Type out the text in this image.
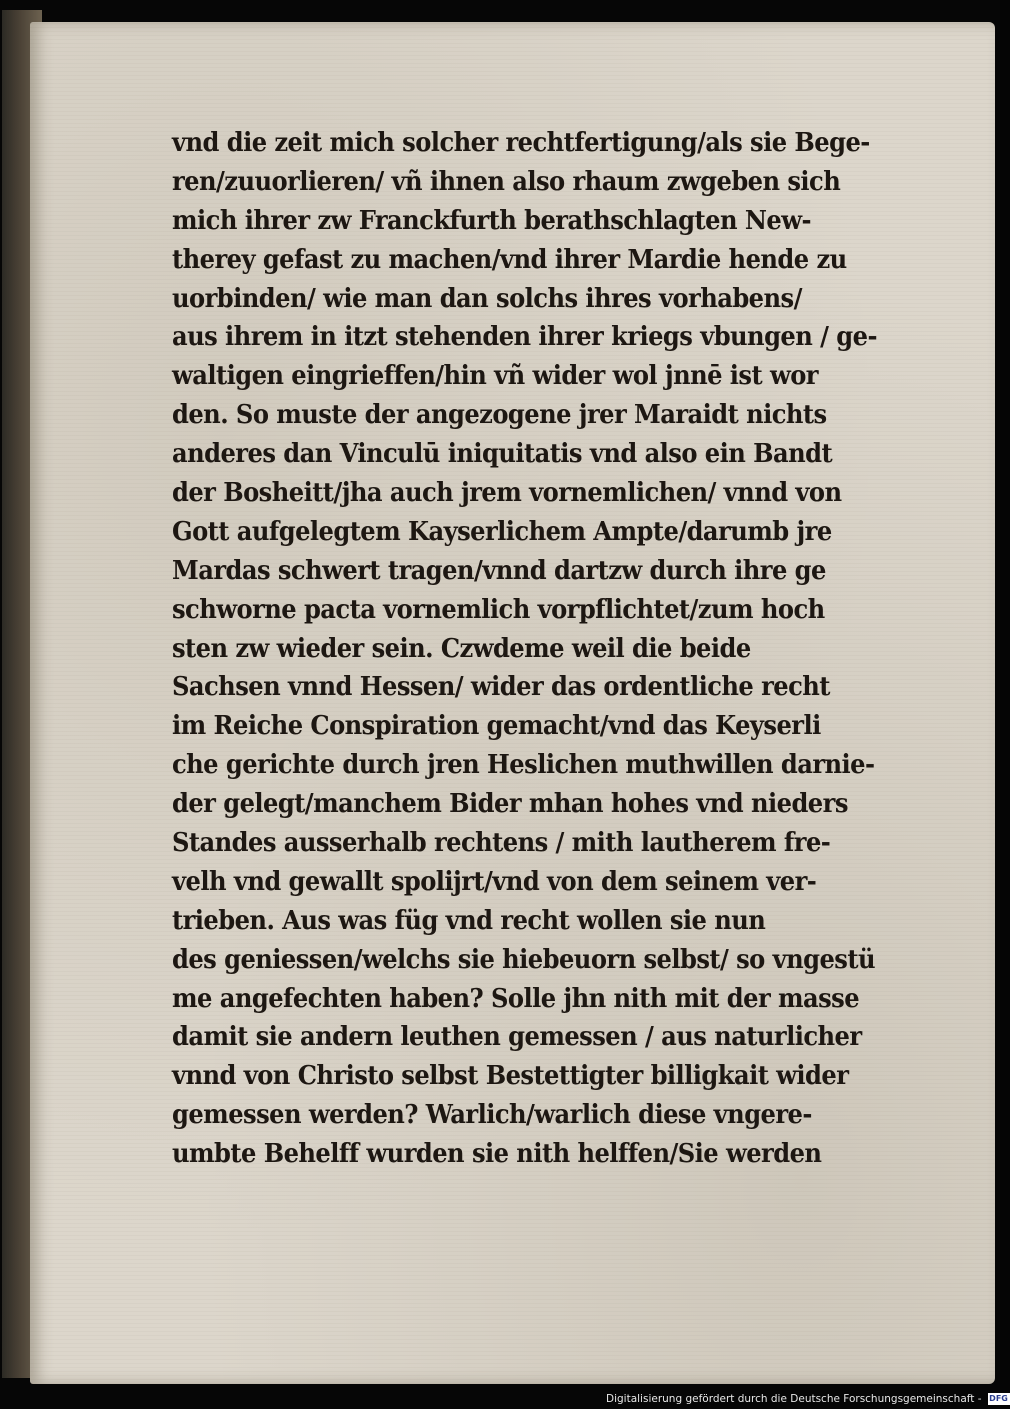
vnd die zeit mich solcher rechtfertigung/als sie Bege-
ren/zuuorlieren/ vñ ihnen also rhaum zwgeben sich
mich ihrer zw Franckfurth berathschlagten New-
therey gefast zu machen/vnd ihrer Mardie hende zu
uorbinden/ wie man dan solchs ihres vorhabens/
aus ihrem in itzt stehenden ihrer kriegs vbungen / ge-
waltigen eingrieffen/hin vñ wider wol jnnē ist wor
den. So muste der angezogene jrer Maraidt nichts
anderes dan Vinculū iniquitatis vnd also ein Bandt
der Bosheitt/jha auch jrem vornemlichen/ vnnd von
Gott aufgelegtem Kayserlichem Ampte/darumb jre
Mardas schwert tragen/vnnd dartzw durch ihre ge
schworne pacta vornemlich vorpflichtet/zum hoch
sten zw wieder sein. Czwdeme weil die beide
Sachsen vnnd Hessen/ wider das ordentliche recht
im Reiche Conspiration gemacht/vnd das Keyserli
che gerichte durch jren Heslichen muthwillen darnie-
der gelegt/manchem Bider mhan hohes vnd nieders
Standes ausserhalb rechtens / mith lautherem fre-
velh vnd gewallt spolijrt/vnd von dem seinem ver-
trieben. Aus was füg vnd recht wollen sie nun
des geniessen/welchs sie hiebeuorn selbst/ so vngestü
me angefechten haben? Solle jhn nith mit der masse
damit sie andern leuthen gemessen / aus naturlicher
vnnd von Christo selbst Bestettigter billigkait wider
gemessen werden? Warlich/warlich diese vngere-
umbte Behelff wurden sie nith helffen/Sie werden
Digitalisierung gefördert durch die Deutsche Forschungsgemeinschaft - DFG
